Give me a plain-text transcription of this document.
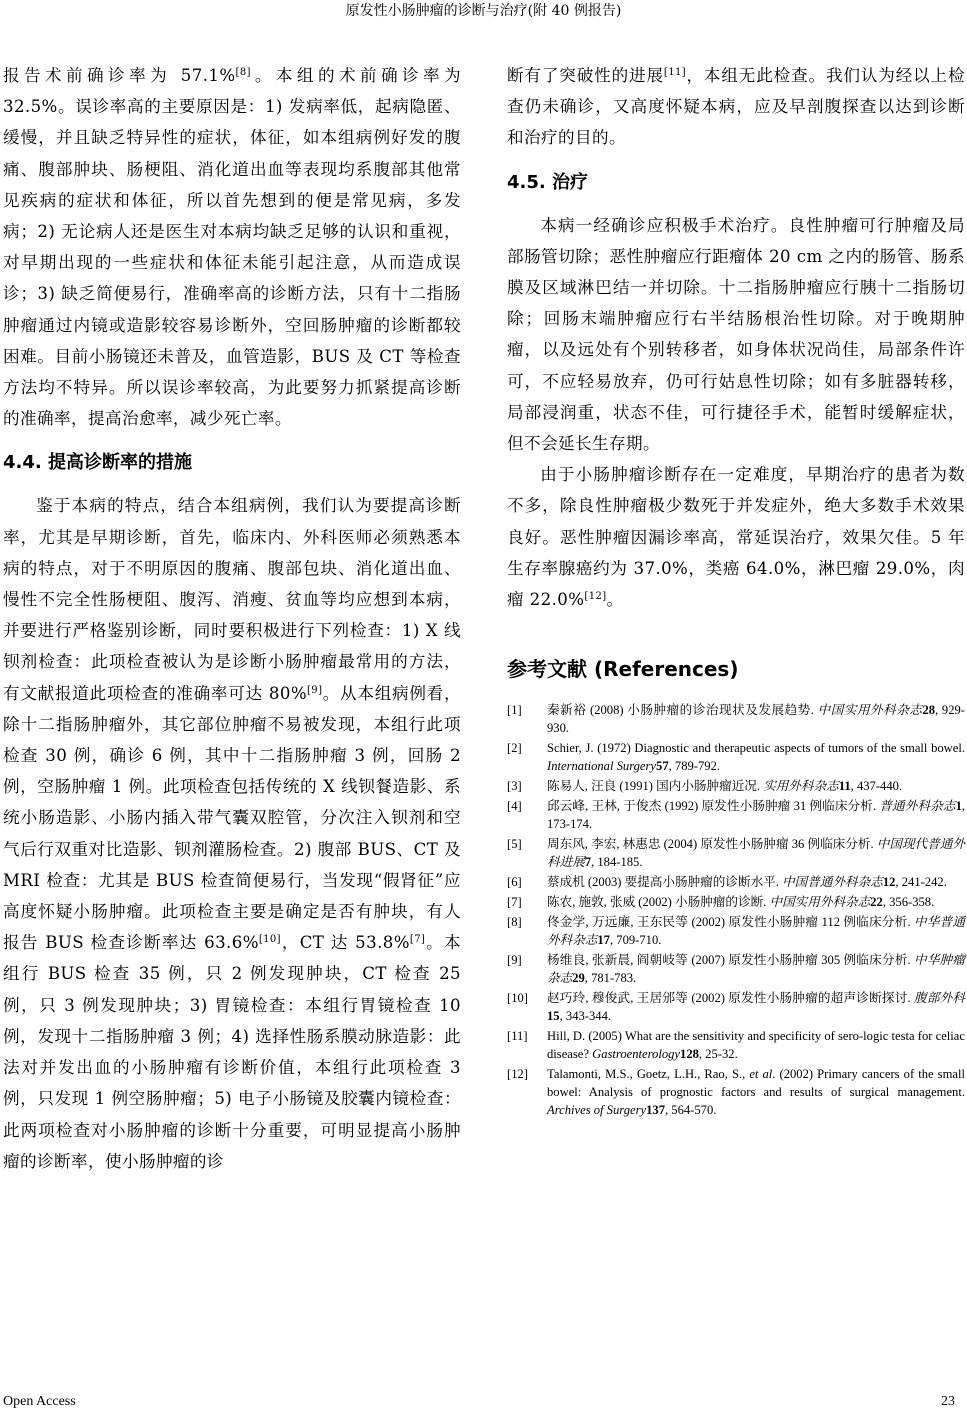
原发性小肠肿瘤的诊断与治疗(附 40 例报告)

报告术前确诊率为 57.1%[8]。本组的术前确诊率为 32.5%。误诊率高的主要原因是：1) 发病率低，起病隐匿、缓慢，并且缺乏特异性的症状，体征，如本组病例好发的腹痛、腹部肿块、肠梗阻、消化道出血等表现均系腹部其他常见疾病的症状和体征，所以首先想到的便是常见病，多发病；2) 无论病人还是医生对本病均缺乏足够的认识和重视，对早期出现的一些症状和体征未能引起注意，从而造成误诊；3) 缺乏简便易行，准确率高的诊断方法，只有十二指肠肿瘤通过内镜或造影较容易诊断外，空回肠肿瘤的诊断都较困难。目前小肠镜还未普及，血管造影，BUS 及 CT 等检查方法均不特异。所以误诊率较高，为此要努力抓紧提高诊断的准确率，提高治愈率，减少死亡率。

4.4. 提高诊断率的措施

鉴于本病的特点，结合本组病例，我们认为要提高诊断率，尤其是早期诊断，首先，临床内、外科医师必须熟悉本病的特点，对于不明原因的腹痛、腹部包块、消化道出血、慢性不完全性肠梗阻、腹泻、消瘦、贫血等均应想到本病，并要进行严格鉴别诊断，同时要积极进行下列检查：1) X 线钡剂检查：此项检查被认为是诊断小肠肿瘤最常用的方法，有文献报道此项检查的准确率可达 80%[9]。从本组病例看，除十二指肠肿瘤外，其它部位肿瘤不易被发现，本组行此项检查 30 例，确诊 6 例，其中十二指肠肿瘤 3 例，回肠 2 例，空肠肿瘤 1 例。此项检查包括传统的 X 线钡餐造影、系统小肠造影、小肠内插入带气囊双腔管，分次注入钡剂和空气后行双重对比造影、钡剂灌肠检查。2) 腹部 BUS、CT 及 MRI 检查：尤其是 BUS 检查简便易行，当发现“假肾征”应高度怀疑小肠肿瘤。此项检查主要是确定是否有肿块，有人报告 BUS 检查诊断率达 63.6%[10]，CT 达 53.8%[7]。本组行 BUS 检查 35 例，只 2 例发现肿块，CT 检查 25 例，只 3 例发现肿块；3) 胃镜检查：本组行胃镜检查 10 例，发现十二指肠肿瘤 3 例；4) 选择性肠系膜动脉造影：此法对并发出血的小肠肿瘤有诊断价值，本组行此项检查 3 例，只发现 1 例空肠肿瘤；5) 电子小肠镜及胶囊内镜检查：此两项检查对小肠肿瘤的诊断十分重要，可明显提高小肠肿瘤的诊断率，使小肠肿瘤的诊

断有了突破性的进展[11]，本组无此检查。我们认为经以上检查仍未确诊，又高度怀疑本病，应及早剖腹探查以达到诊断和治疗的目的。

4.5. 治疗

本病一经确诊应积极手术治疗。良性肿瘤可行肿瘤及局部肠管切除；恶性肿瘤应行距瘤体 20 cm 之内的肠管、肠系膜及区域淋巴结一并切除。十二指肠肿瘤应行胰十二指肠切除；回肠末端肿瘤应行右半结肠根治性切除。对于晚期肿瘤，以及远处有个别转移者，如身体状况尚佳，局部条件许可，不应轻易放弃，仍可行姑息性切除；如有多脏器转移，局部浸润重，状态不佳，可行捷径手术，能暂时缓解症状，但不会延长生存期。

由于小肠肿瘤诊断存在一定难度，早期治疗的患者为数不多，除良性肿瘤极少数死于并发症外，绝大多数手术效果良好。恶性肿瘤因漏诊率高，常延误治疗，效果欠佳。5 年生存率腺癌约为 37.0%，类癌 64.0%，淋巴瘤 29.0%，肉瘤 22.0%[12]。

参考文献 (References)
[1]	秦新裕 (2008) 小肠肿瘤的诊治现状及发展趋势. 中国实用外科杂志28, 929-930.
[2]	Schier, J. (1972) Diagnostic and therapeutic aspects of tumors of the small bowel. International Surgery57, 789-792.
[3]	陈易人, 汪良 (1991) 国内小肠肿瘤近况. 实用外科杂志11, 437-440.
[4]	邱云峰, 王林, 于俊杰 (1992) 原发性小肠肿瘤 31 例临床分析. 普通外科杂志1, 173-174.
[5]	周东风, 李宏, 林惠忠 (2004) 原发性小肠肿瘤 36 例临床分析. 中国现代普通外科进展7, 184-185.
[6]	蔡成机 (2003) 要提高小肠肿瘤的诊断水平. 中国普通外科杂志12, 241-242.
[7]	陈农, 施敦, 张威 (2002) 小肠肿瘤的诊断. 中国实用外科杂志22, 356-358.
[8]	佟金学, 万远廉, 王东民等 (2002) 原发性小肠肿瘤 112 例临床分析. 中华普通外科杂志17, 709-710.
[9]	杨维良, 张新晨, 阎朝岐等 (2007) 原发性小肠肿瘤 305 例临床分析. 中华肿瘤杂志29, 781-783.
[10]	赵巧玲, 穆俊武, 王居邠等 (2002) 原发性小肠肿瘤的超声诊断探讨. 腹部外科15, 343-344.
[11]	Hill, D. (2005) What are the sensitivity and specificity of sero-logic testa for celiac disease? Gastroenterology128, 25-32.
[12]	Talamonti, M.S., Goetz, L.H., Rao, S., et al. (2002) Primary cancers of the small bowel: Analysis of prognostic factors and results of surgical management. Archives of Surgery137, 564-570.
Open Access	23
